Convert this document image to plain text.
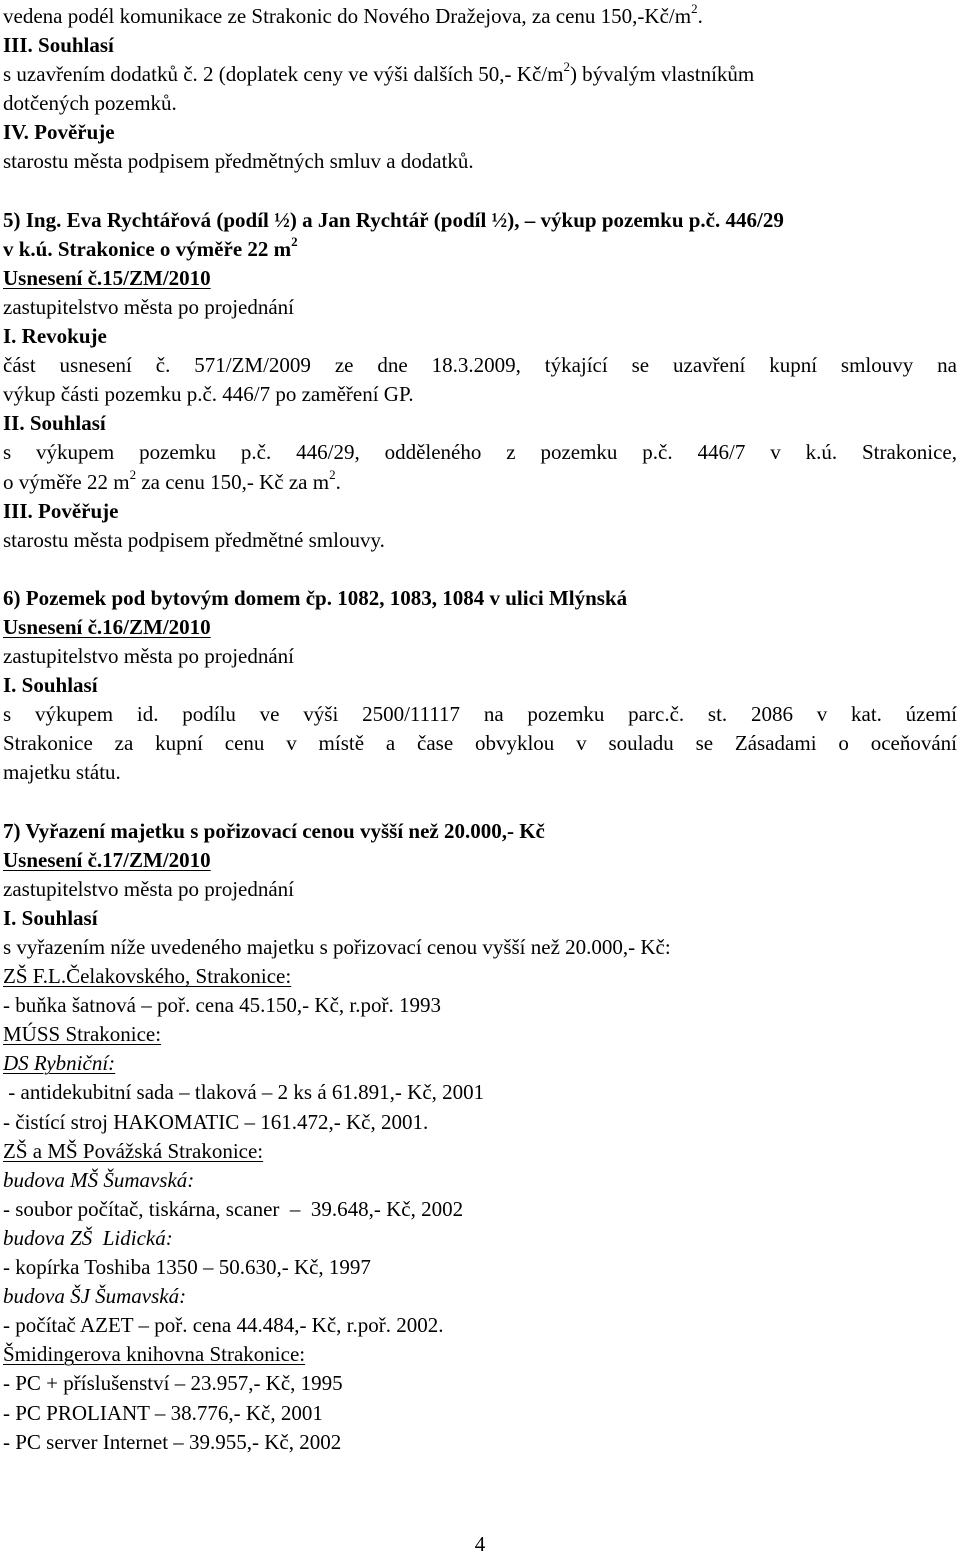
vedena podél komunikace ze Strakonic do Nového Dražejova, za cenu $150,-Kč/m^2$.
III. Souhlasí
s uzavřením dodatků č. 2 (doplatek ceny ve výši dalších 50,- $Kč/m^2$) bývalým vlastníkům
dotčených pozemků.
IV. Pověřuje
starostu města podpisem předmětných smluv a dodatků.
5) Ing. Eva Rychtářová (podíl ½) a Jan Rychtář (podíl ½), – výkup pozemku p.č. 446/29
v k.ú. Strakonice o výměře 22 $m^2$
Usnesení č.15/ZM/2010
zastupitelstvo města po projednání
I. Revokuje
část usnesení č. 571/ZM/2009 ze dne 18.3.2009, týkající se uzavření kupní smlouvy na
výkup části pozemku p.č. 446/7 po zaměření GP.
II. Souhlasí
s výkupem pozemku p.č. 446/29, odděleného z pozemku p.č. 446/7 v k.ú. Strakonice,
o výměře 22 $m^2$ za cenu 150,- Kč za $m^2$.
III. Pověřuje
starostu města podpisem předmětné smlouvy.
6) Pozemek pod bytovým domem čp. 1082, 1083, 1084 v ulici Mlýnská
Usnesení č.16/ZM/2010
zastupitelstvo města po projednání
I. Souhlasí
s výkupem id. podílu ve výši 2500/11117 na pozemku parc.č. st. 2086 v kat. území
Strakonice za kupní cenu v místě a čase obvyklou v souladu se Zásadami o oceňování
majetku státu.
7) Vyřazení majetku s pořizovací cenou vyšší než 20.000,- Kč
Usnesení č.17/ZM/2010
zastupitelstvo města po projednání
I. Souhlasí
s vyřazením níže uvedeného majetku s pořizovací cenou vyšší než 20.000,- Kč:
ZŠ F.L.Čelakovského, Strakonice:
- buňka šatnová – poř. cena 45.150,- Kč, r.poř. 1993
MÚSS Strakonice:
DS Rybniční:
- antidekubitní sada – tlaková – 2 ks á 61.891,- Kč, 2001
- čistící stroj HAKOMATIC – 161.472,- Kč, 2001.
ZŠ a MŠ Povážská Strakonice:
budova MŠ Šumavská:
- soubor počítač, tiskárna, scaner  –  39.648,- Kč, 2002
budova ZŠ  Lidická:
- kopírka Toshiba 1350 – 50.630,- Kč, 1997
budova ŠJ Šumavská:
- počítač AZET – poř. cena 44.484,- Kč, r.poř. 2002.
Šmidingerova knihovna Strakonice:
- PC + příslušenství – 23.957,- Kč, 1995
- PC PROLIANT – 38.776,- Kč, 2001
- PC server Internet – 39.955,- Kč, 2002
4
